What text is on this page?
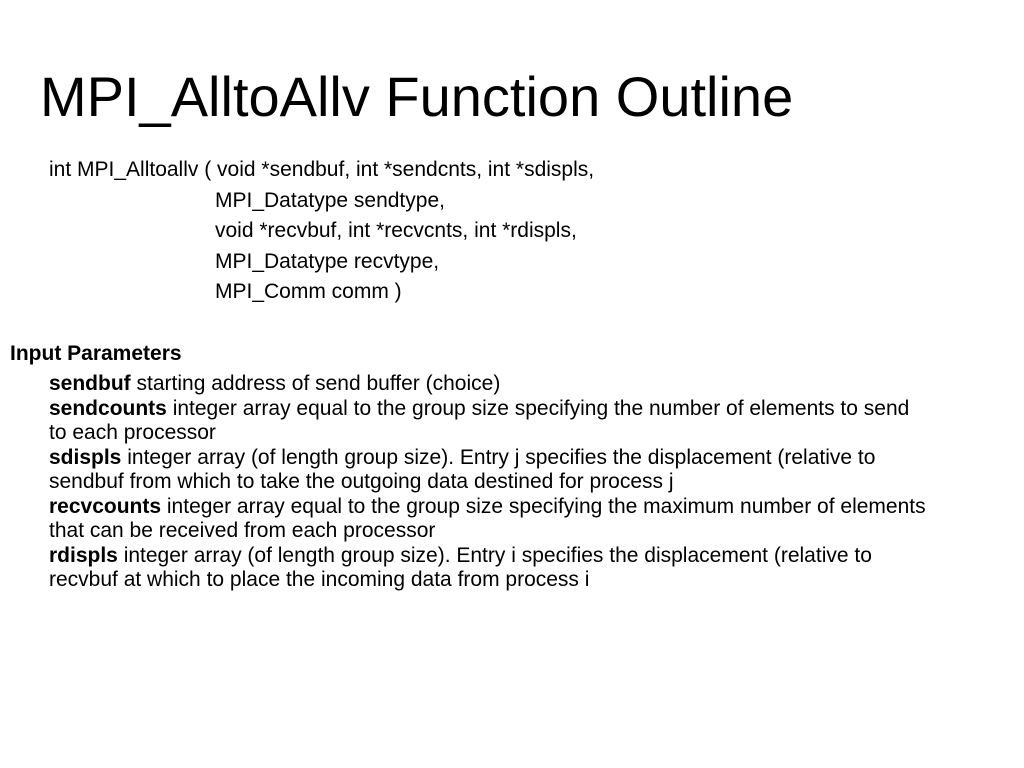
MPI_AlltoAllv Function Outline
int MPI_Alltoallv ( void *sendbuf, int *sendcnts, int *sdispls,
MPI_Datatype sendtype,
void *recvbuf, int *recvcnts, int *rdispls,
MPI_Datatype recvtype,
MPI_Comm comm )
Input Parameters

sendbuf starting address of send buffer (choice)

sendcounts integer array equal to the group size specifying the number of elements to send to each processor

sdispls integer array (of length group size). Entry j specifies the displacement (relative to sendbuf from which to take the outgoing data destined for process j

recvcounts integer array equal to the group size specifying the maximum number of elements that can be received from each processor

rdispls integer array (of length group size). Entry i specifies the displacement (relative to recvbuf at which to place the incoming data from process i
